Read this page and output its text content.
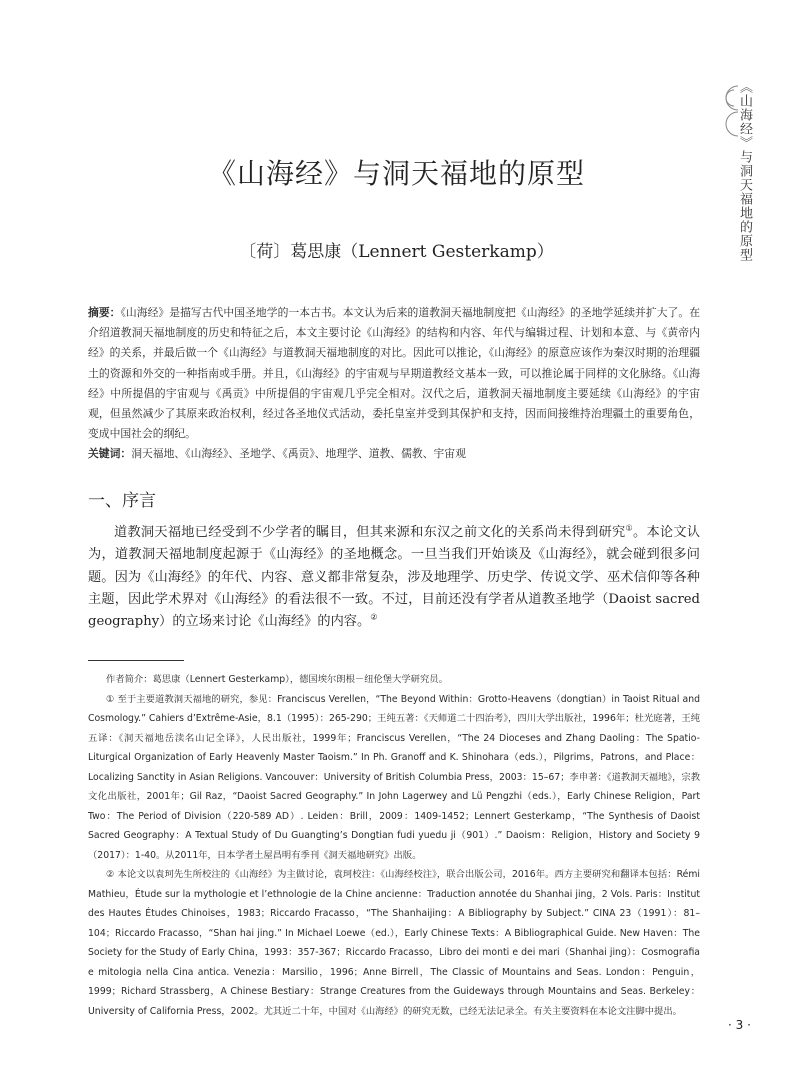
《山海经》与洞天福地的原型
《山海经》与洞天福地的原型
〔荷〕葛思康（Lennert Gesterkamp）
摘要：《山海经》是描写古代中国圣地学的一本古书。本文认为后来的道教洞天福地制度把《山海经》的圣地学延续并扩大了。在介绍道教洞天福地制度的历史和特征之后，本文主要讨论《山海经》的结构和内容、年代与编辑过程、计划和本意、与《黄帝内经》的关系，并最后做一个《山海经》与道教洞天福地制度的对比。因此可以推论，《山海经》的原意应该作为秦汉时期的治理疆土的资源和外交的一种指南或手册。并且，《山海经》的宇宙观与早期道教经文基本一致，可以推论属于同样的文化脉络。《山海经》中所提倡的宇宙观与《禹贡》中所提倡的宇宙观几乎完全相对。汉代之后，道教洞天福地制度主要延续《山海经》的宇宙观，但虽然减少了其原来政治权利，经过各圣地仪式活动，委托皇室并受到其保护和支持，因而间接维持治理疆土的重要角色，变成中国社会的纲纪。
关键词：洞天福地、《山海经》、圣地学、《禹贡》、地理学、道教、儒教、宇宙观
一、序言
道教洞天福地已经受到不少学者的瞩目，但其来源和东汉之前文化的关系尚未得到研究①。本论文认为，道教洞天福地制度起源于《山海经》的圣地概念。一旦当我们开始谈及《山海经》，就会碰到很多问题。因为《山海经》的年代、内容、意义都非常复杂，涉及地理学、历史学、传说文学、巫术信仰等各种主题，因此学术界对《山海经》的看法很不一致。不过，目前还没有学者从道教圣地学（Daoist sacred geography）的立场来讨论《山海经》的内容。②

作者简介：葛思康（Lennert Gesterkamp），德国埃尔朗根－纽伦堡大学研究员。

① 至于主要道教洞天福地的研究，参见：Franciscus Verellen，“The Beyond Within：Grotto-Heavens（dongtian）in Taoist Ritual and Cosmology.” Cahiers d’Extrême-Asie，8.1（1995）：265-290；王纯五著：《天师道二十四治考》，四川大学出版社，1996年；杜光庭著，王纯五译：《洞天福地岳渎名山记全译》，人民出版社，1999年；Franciscus Verellen，“The 24 Dioceses and Zhang Daoling：The Spatio-Liturgical Organization of Early Heavenly Master Taoism.” In Ph. Granoff and K. Shinohara（eds.），Pilgrims，Patrons，and Place：Localizing Sanctity in Asian Religions. Vancouver：University of British Columbia Press，2003：15–67；李申著：《道教洞天福地》，宗教文化出版社，2001年；Gil Raz，“Daoist Sacred Geography.” In John Lagerwey and Lü Pengzhi（eds.），Early Chinese Religion，Part Two：The Period of Division（220-589 AD）. Leiden：Brill，2009：1409-1452；Lennert Gesterkamp，“The Synthesis of Daoist Sacred Geography：A Textual Study of Du Guangting’s Dongtian fudi yuedu ji（901）.” Daoism：Religion，History and Society 9（2017）：1-40。从2011年，日本学者土屋昌明有季刊《洞天福地研究》出版。

② 本论文以袁珂先生所校注的《山海经》为主做讨论，袁珂校注：《山海经校注》，联合出版公司，2016年。西方主要研究和翻译本包括：Rémi Mathieu，Étude sur la mythologie et l’ethnologie de la Chine ancienne：Traduction annotée du Shanhai jing，2 Vols. Paris：Institut des Hautes Études Chinoises，1983；Riccardo Fracasso，“The Shanhaijing：A Bibliography by Subject.” CINA 23（1991）：81–104；Riccardo Fracasso，“Shan hai jing.” In Michael Loewe（ed.），Early Chinese Texts：A Bibliographical Guide. New Haven：The Society for the Study of Early China，1993：357-367；Riccardo Fracasso，Libro dei monti e dei mari（Shanhai jing）：Cosmografia e mitologia nella Cina antica. Venezia：Marsilio，1996；Anne Birrell，The Classic of Mountains and Seas. London：Penguin，1999；Richard Strassberg，A Chinese Bestiary：Strange Creatures from the Guideways through Mountains and Seas. Berkeley：University of California Press，2002。尤其近二十年，中国对《山海经》的研究无数，已经无法记录全。有关主要资料在本论文注脚中提出。

· 3 ·
